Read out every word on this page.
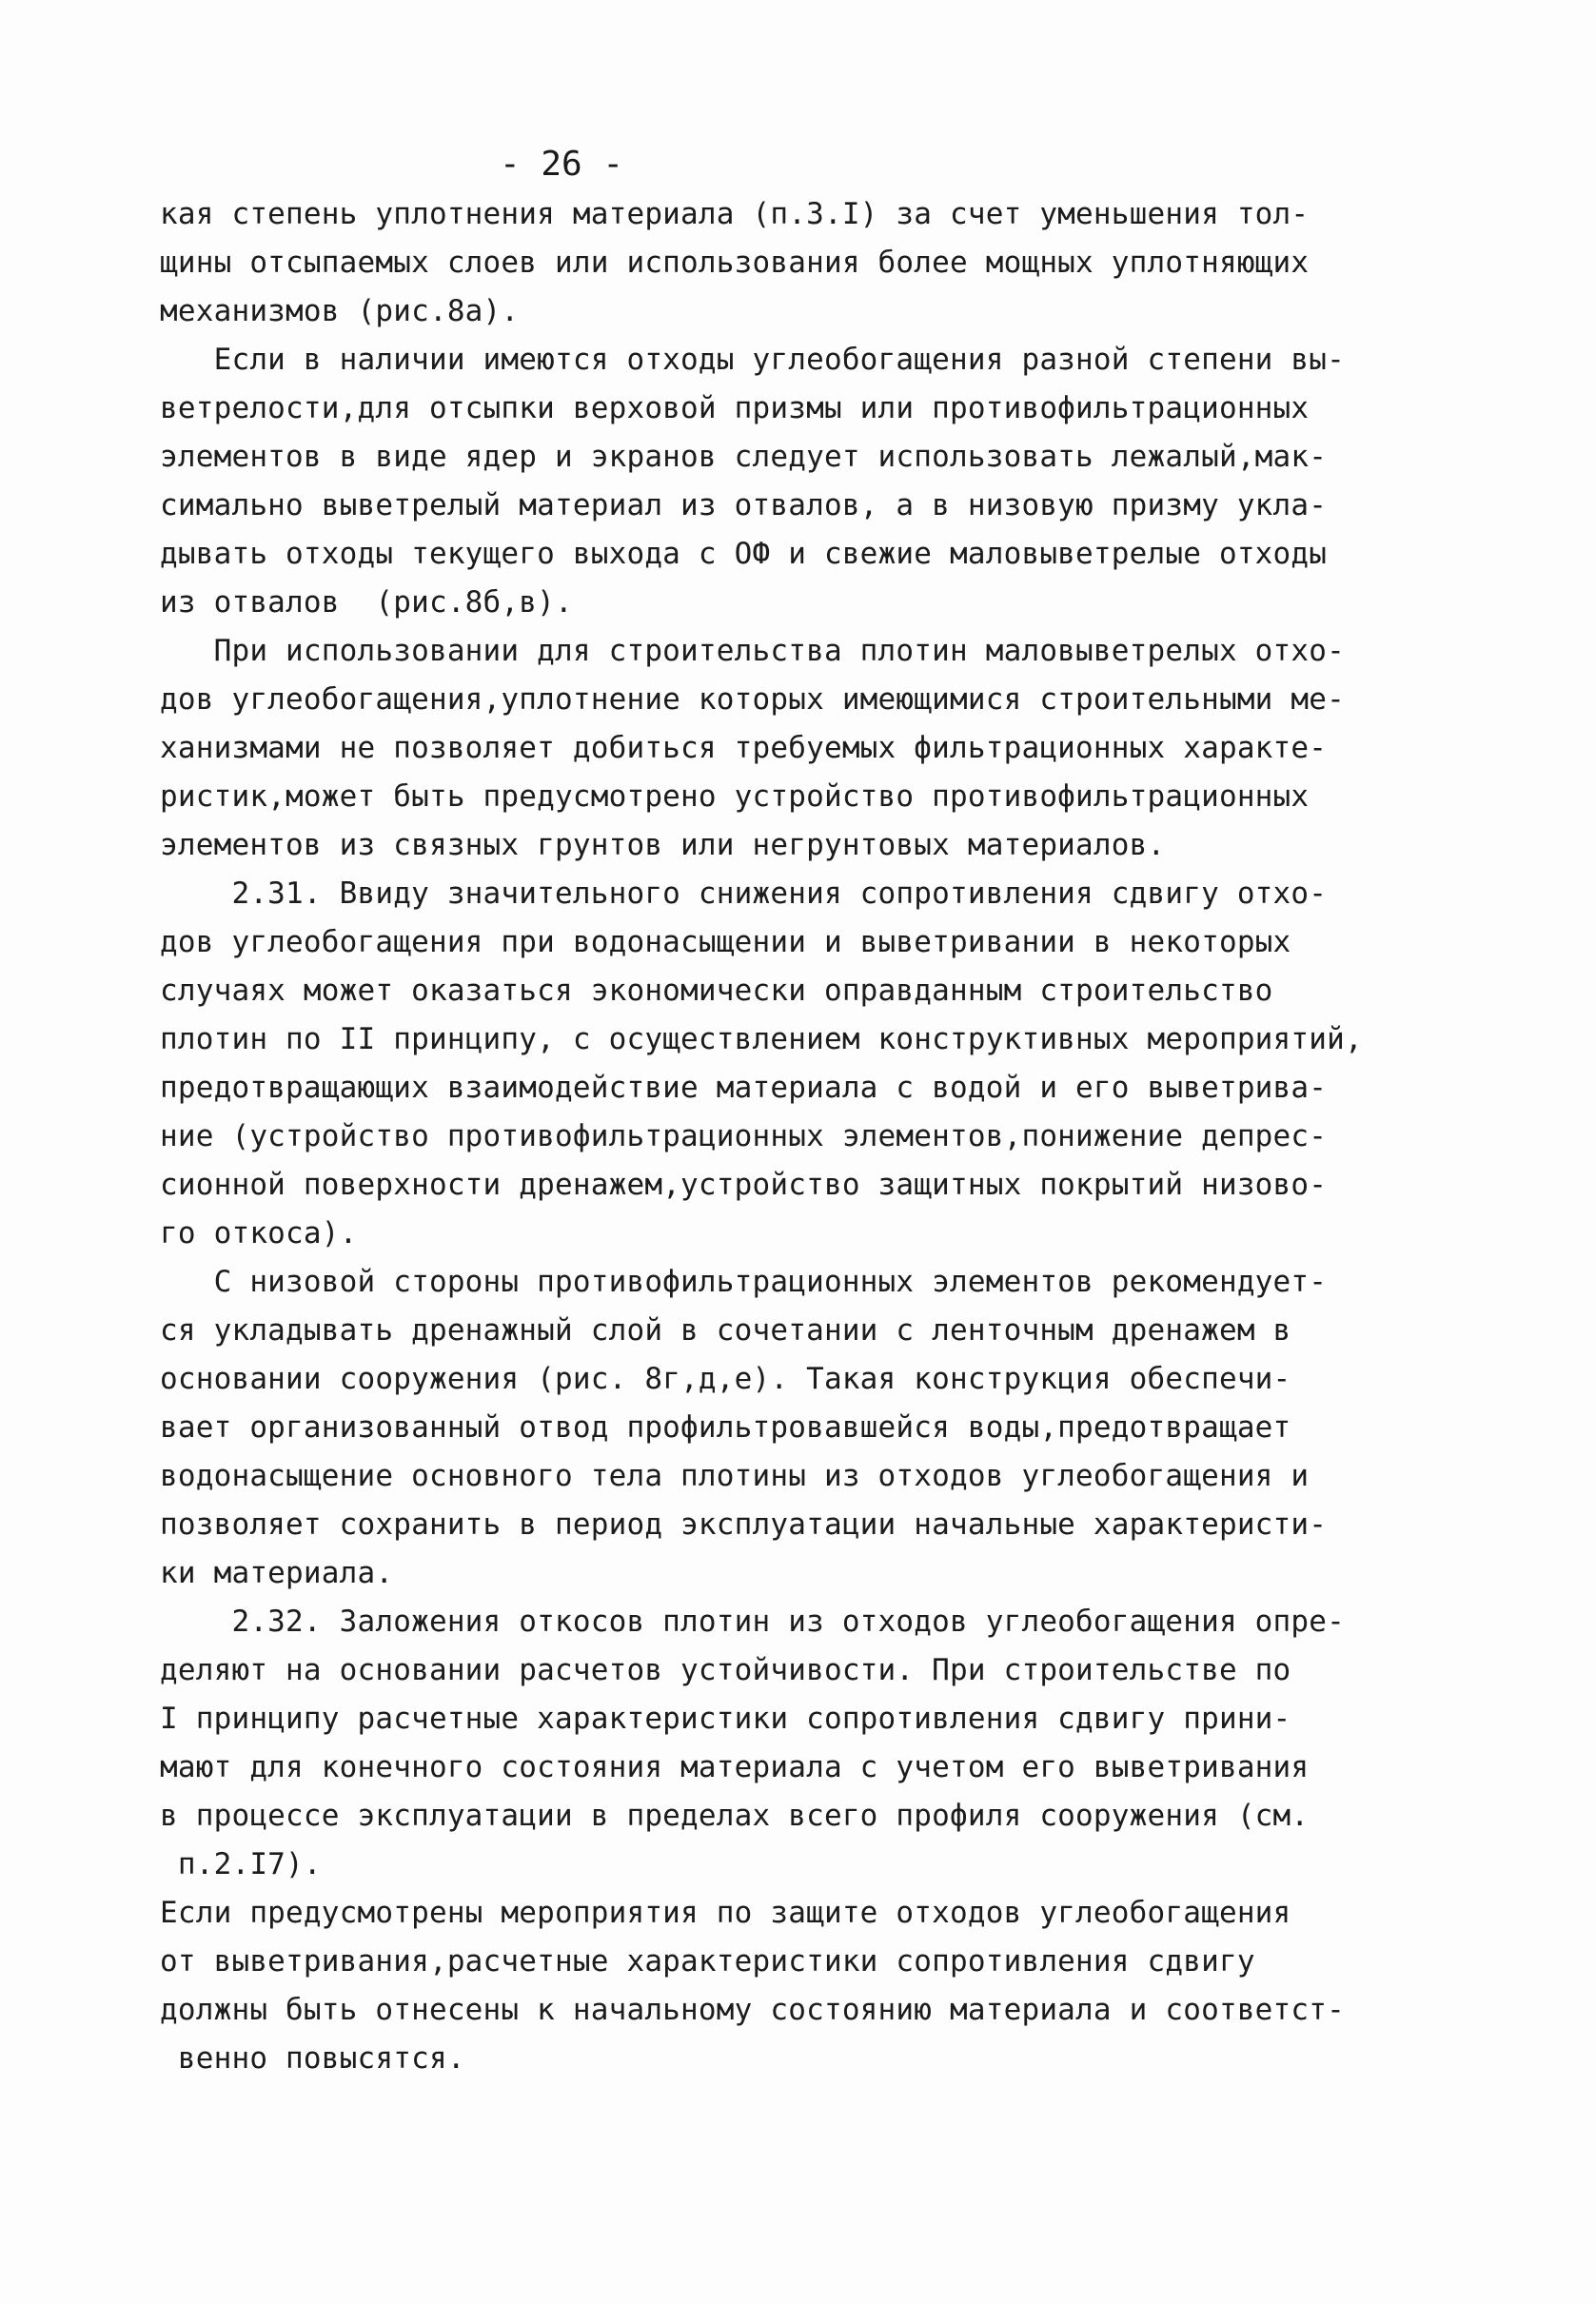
- 26 -
кая степень уплотнения материала (п.3.I) за счет уменьшения тол-
щины отсыпаемых слоев или использования более мощных уплотняющих
механизмов (рис.8а).
Если в наличии имеются отходы углеобогащения разной степени вы-
ветрелости,для отсыпки верховой призмы или противофильтрационных
элементов в виде ядер и экранов следует использовать лежалый,мак-
симально выветрелый материал из отвалов, а в низовую призму укла-
дывать отходы текущего выхода с ОФ и свежие маловыветрелые отходы
из отвалов  (рис.8б,в).
При использовании для строительства плотин маловыветрелых отхо-
дов углеобогащения,уплотнение которых имеющимися строительными ме-
ханизмами не позволяет добиться требуемых фильтрационных характе-
ристик,может быть предусмотрено устройство противофильтрационных
элементов из связных грунтов или негрунтовых материалов.
2.31. Ввиду значительного снижения сопротивления сдвигу отхо-
дов углеобогащения при водонасыщении и выветривании в некоторых
случаях может оказаться экономически оправданным строительство
плотин по II принципу, с осуществлением конструктивных мероприятий,
предотвращающих взаимодействие материала с водой и его выветрива-
ние (устройство противофильтрационных элементов,понижение депрес-
сионной поверхности дренажем,устройство защитных покрытий низово-
го откоса).
С низовой стороны противофильтрационных элементов рекомендует-
ся укладывать дренажный слой в сочетании с ленточным дренажем в
основании сооружения (рис. 8г,д,е). Такая конструкция обеспечи-
вает организованный отвод профильтровавшейся воды,предотвращает
водонасыщение основного тела плотины из отходов углеобогащения и
позволяет сохранить в период эксплуатации начальные характеристи-
ки материала.
2.32. Заложения откосов плотин из отходов углеобогащения опре-
деляют на основании расчетов устойчивости. При строительстве по
I принципу расчетные характеристики сопротивления сдвигу прини-
мают для конечного состояния материала с учетом его выветривания
в процессе эксплуатации в пределах всего профиля сооружения (см.
п.2.I7).
Если предусмотрены мероприятия по защите отходов углеобогащения
от выветривания,расчетные характеристики сопротивления сдвигу
должны быть отнесены к начальному состоянию материала и соответст-
венно повысятся.
